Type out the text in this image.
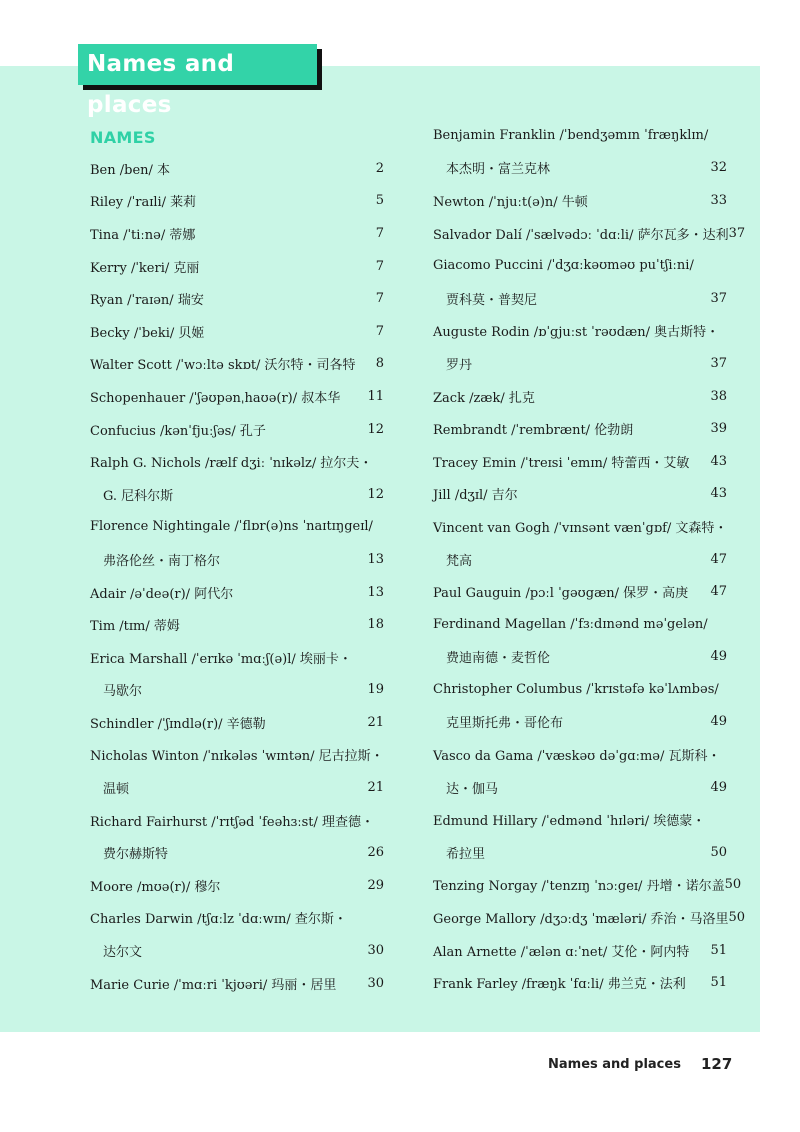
Names and places
NAMES
Ben /ben/ 本	2
Riley /ˈraɪli/ 莱莉	5
Tina /ˈtiːnə/ 蒂娜	7
Kerry /ˈkeri/ 克丽	7
Ryan /ˈraɪən/ 瑞安	7
Becky /ˈbeki/ 贝姬	7
Walter Scott /ˈwɔːltə skɒt/ 沃尔特・司各特 8
Schopenhauer /ˈʃəʊpənˌhaʊə(r)/ 叔本华 11
Confucius /kənˈfjuːʃəs/ 孔子	12
Ralph G. Nichols /rælf dʒiː ˈnɪkəlz/ 拉尔夫・
G. 尼科尔斯	12
Florence Nightingale /ˈflɒr(ə)ns ˈnaɪtɪŋgeɪl/
弗洛伦丝・南丁格尔	13
Adair /əˈdeə(r)/ 阿代尔	13
Tim /tɪm/ 蒂姆	18
Erica Marshall /ˈerɪkə ˈmɑːʃ(ə)l/ 埃丽卡・
马歇尔	19
Schindler /ˈʃɪndlə(r)/ 辛德勒	21
Nicholas Winton /ˈnɪkələs ˈwɪntən/ 尼古拉斯・
温顿	21
Richard Fairhurst /ˈrɪtʃəd ˈfeəhɜːst/ 理查德・
费尔赫斯特	26
Moore /mʊə(r)/ 穆尔	29
Charles Darwin /tʃɑːlz ˈdɑːwɪn/ 查尔斯・
达尔文	30
Marie Curie /ˈmɑːri ˈkjʊəri/ 玛丽・居里 30
Benjamin Franklin /ˈbendʒəmɪn ˈfræŋklɪn/
本杰明・富兰克林	32
Newton /ˈnjuːt(ə)n/ 牛顿	33
Salvador Dalí /ˈsælvədɔː ˈdɑːli/ 萨尔瓦多・达利 37
Giacomo Puccini /ˈdʒɑːkəʊməʊ puˈtʃiːni/
贾科莫・普契尼	37
Auguste Rodin /ɒˈgjuːst ˈrəʊdæn/ 奥古斯特・
罗丹	37
Zack /zæk/ 扎克	38
Rembrandt /ˈrembrænt/ 伦勃朗	39
Tracey Emin /ˈtreɪsi ˈemɪn/ 特蕾西・艾敏 43
Jill /dʒɪl/ 吉尔	43
Vincent van Gogh /ˈvɪnsənt vænˈgɒf/ 文森特・
梵高	47
Paul Gauguin /pɔːl ˈgəʊgæn/ 保罗・高庚 47
Ferdinand Magellan /ˈfɜːdɪnənd məˈgelən/
费迪南德・麦哲伦	49
Christopher Columbus /ˈkrɪstəfə kəˈlʌmbəs/
克里斯托弗・哥伦布	49
Vasco da Gama /ˈvæskəʊ dəˈgɑːmə/ 瓦斯科・
达・伽马	49
Edmund Hillary /ˈedmənd ˈhɪləri/ 埃德蒙・
希拉里	50
Tenzing Norgay /ˈtenzɪŋ ˈnɔːgeɪ/ 丹增・诺尔盖 50
George Mallory /dʒɔːdʒ ˈmæləri/ 乔治・马洛里 50
Alan Arnette /ˈælən ɑːˈnet/ 艾伦・阿内特 51
Frank Farley /fræŋk ˈfɑːli/ 弗兰克・法利 51
Names and places 127
